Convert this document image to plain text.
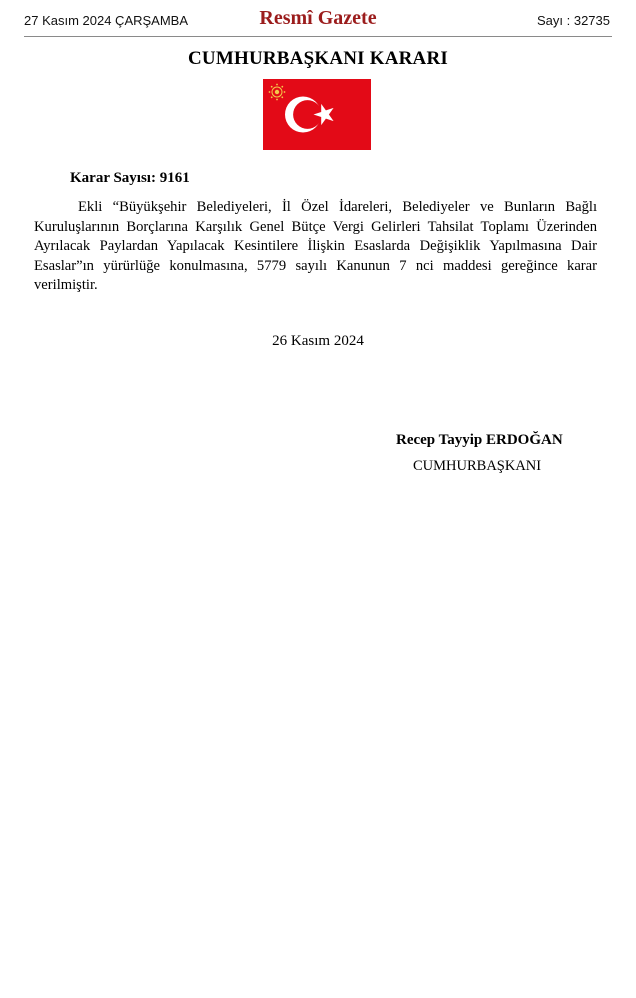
27 Kasım 2024 ÇARŞAMBA	Resmî Gazete	Sayı : 32735
CUMHURBAŞKANI KARARI
Karar Sayısı: 9161

Ekli “Büyükşehir Belediyeleri, İl Özel İdareleri, Belediyeler ve Bunların Bağlı Kuruluşlarının Borçlarına Karşılık Genel Bütçe Vergi Gelirleri Tahsilat Toplamı Üzerinden Ayrılacak Paylardan Yapılacak Kesintilere İlişkin Esaslarda Değişiklik Yapılmasına Dair Esaslar”ın yürürlüğe konulmasına, 5779 sayılı Kanunun 7 nci maddesi gereğince karar verilmiştir.

26 Kasım 2024
Recep Tayyip ERDOĞAN
CUMHURBAŞKANI
